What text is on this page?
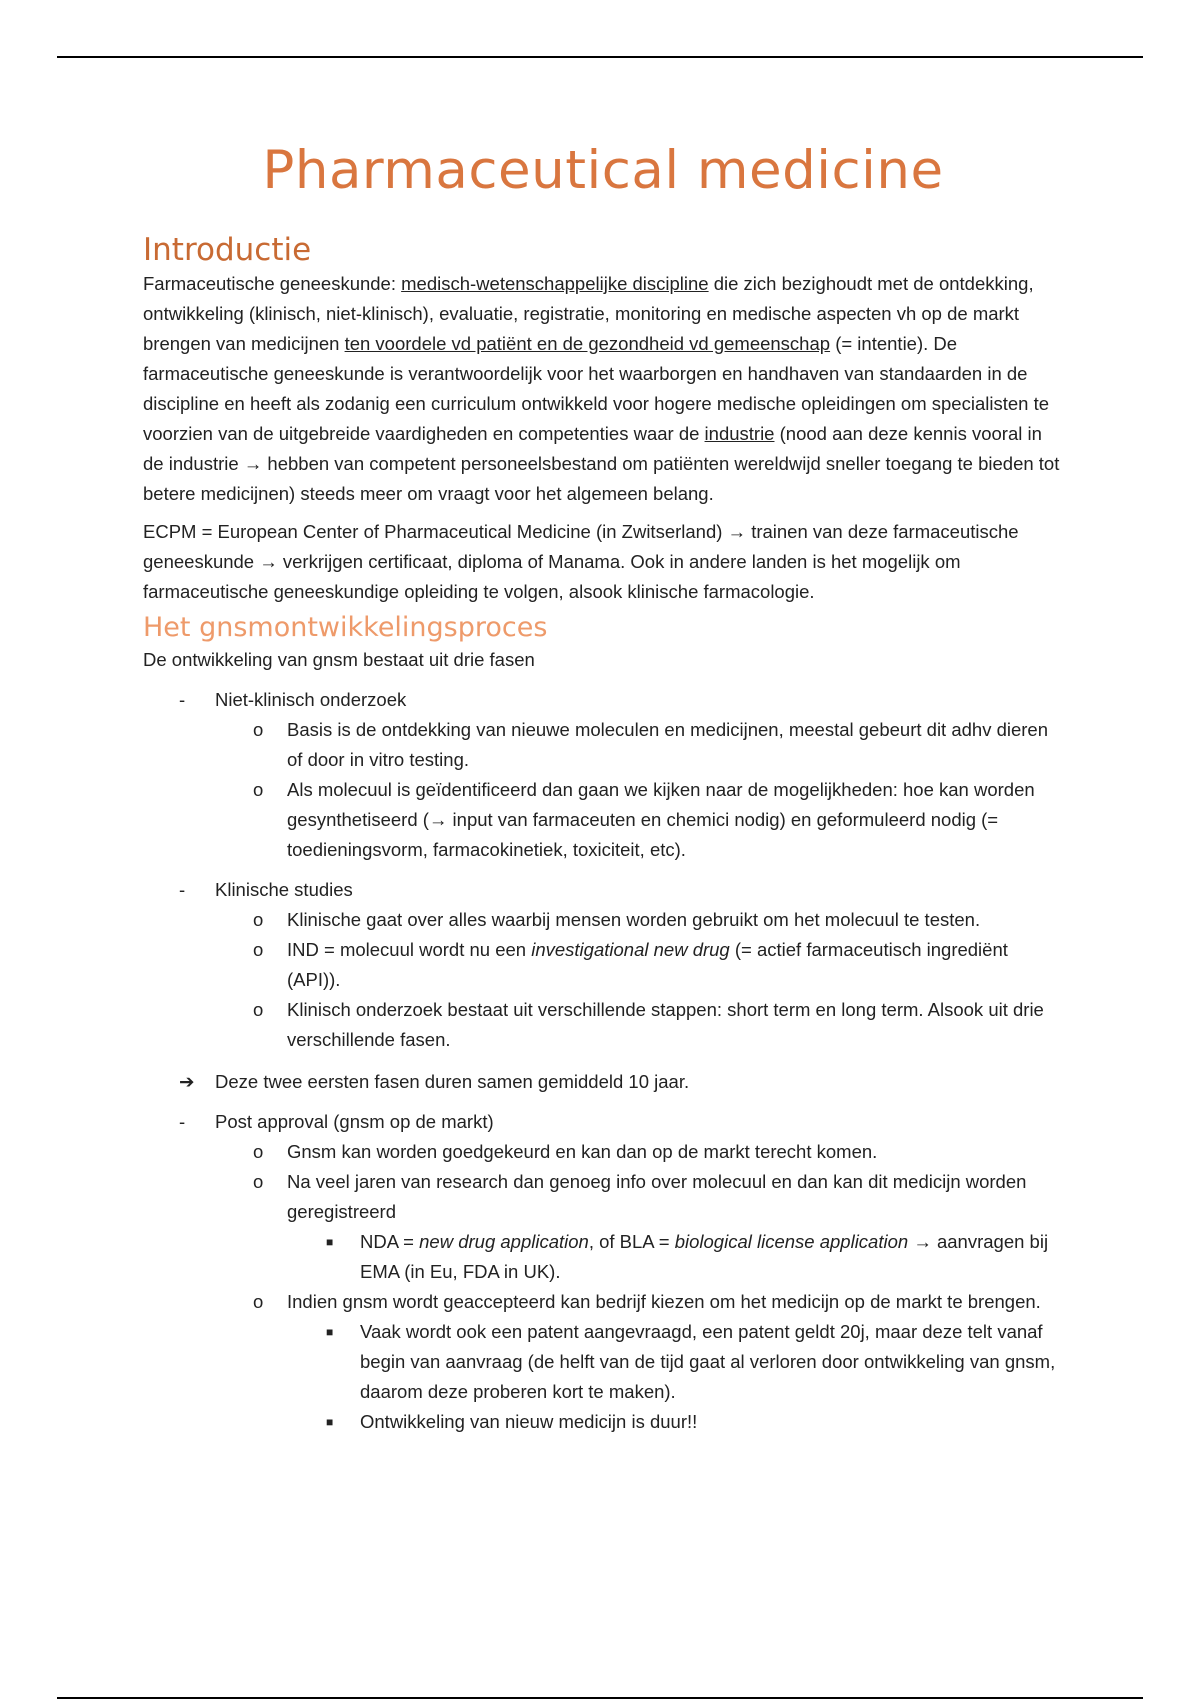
Pharmaceutical medicine
Introductie

Farmaceutische geneeskunde: medisch-wetenschappelijke discipline die zich bezighoudt met de ontdekking, ontwikkeling (klinisch, niet-klinisch), evaluatie, registratie, monitoring en medische aspecten vh op de markt brengen van medicijnen ten voordele vd patiënt en de gezondheid vd gemeenschap (= intentie). De farmaceutische geneeskunde is verantwoordelijk voor het waarborgen en handhaven van standaarden in de discipline en heeft als zodanig een curriculum ontwikkeld voor hogere medische opleidingen om specialisten te voorzien van de uitgebreide vaardigheden en competenties waar de industrie (nood aan deze kennis vooral in de industrie → hebben van competent personeelsbestand om patiënten wereldwijd sneller toegang te bieden tot betere medicijnen) steeds meer om vraagt voor het algemeen belang.

ECPM = European Center of Pharmaceutical Medicine (in Zwitserland) → trainen van deze farmaceutische geneeskunde → verkrijgen certificaat, diploma of Manama. Ook in andere landen is het mogelijk om farmaceutische geneeskundige opleiding te volgen, alsook klinische farmacologie.

Het gnsmontwikkelingsproces

De ontwikkeling van gnsm bestaat uit drie fasen

- Niet-klinisch onderzoek
o Basis is de ontdekking van nieuwe moleculen en medicijnen, meestal gebeurt dit adhv dieren of door in vitro testing.
o Als molecuul is geïdentificeerd dan gaan we kijken naar de mogelijkheden: hoe kan worden gesynthetiseerd (→ input van farmaceuten en chemici nodig) en geformuleerd nodig (= toedieningsvorm, farmacokinetiek, toxiciteit, etc).
- Klinische studies
o Klinische gaat over alles waarbij mensen worden gebruikt om het molecuul te testen.
o IND = molecuul wordt nu een investigational new drug (= actief farmaceutisch ingrediënt (API)).
o Klinisch onderzoek bestaat uit verschillende stappen: short term en long term. Alsook uit drie verschillende fasen.
➔ Deze twee eersten fasen duren samen gemiddeld 10 jaar.
- Post approval (gnsm op de markt)
o Gnsm kan worden goedgekeurd en kan dan op de markt terecht komen.
o Na veel jaren van research dan genoeg info over molecuul en dan kan dit medicijn worden geregistreerd
■ NDA = new drug application, of BLA = biological license application → aanvragen bij EMA (in Eu, FDA in UK).
o Indien gnsm wordt geaccepteerd kan bedrijf kiezen om het medicijn op de markt te brengen.
■ Vaak wordt ook een patent aangevraagd, een patent geldt 20j, maar deze telt vanaf begin van aanvraag (de helft van de tijd gaat al verloren door ontwikkeling van gnsm, daarom deze proberen kort te maken).
■ Ontwikkeling van nieuw medicijn is duur!!
